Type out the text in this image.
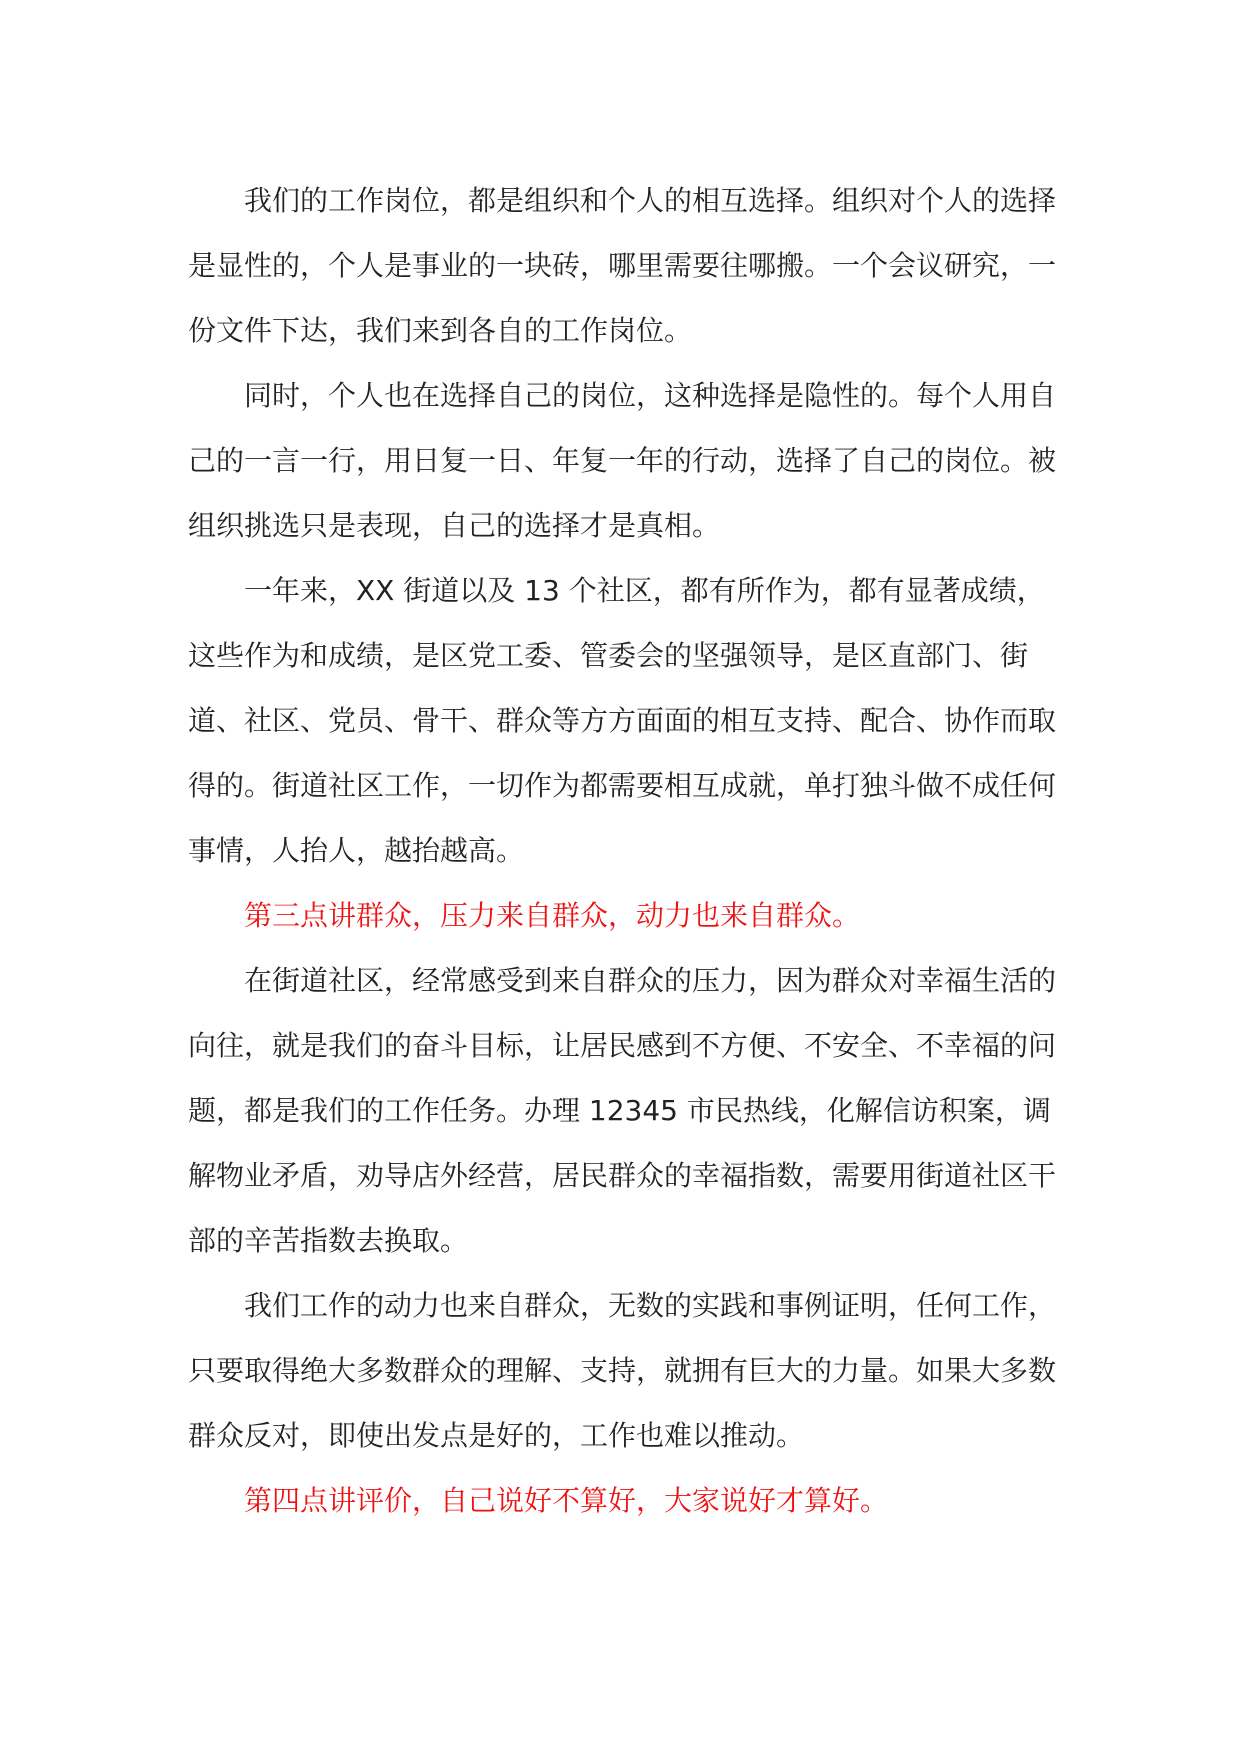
我们的工作岗位，都是组织和个人的相互选择。组织对个人的选择是显性的，个人是事业的一块砖，哪里需要往哪搬。一个会议研究，一份文件下达，我们来到各自的工作岗位。

同时，个人也在选择自己的岗位，这种选择是隐性的。每个人用自己的一言一行，用日复一日、年复一年的行动，选择了自己的岗位。被组织挑选只是表现，自己的选择才是真相。

一年来，XX 街道以及 13 个社区，都有所作为，都有显著成绩，这些作为和成绩，是区党工委、管委会的坚强领导，是区直部门、街道、社区、党员、骨干、群众等方方面面的相互支持、配合、协作而取得的。街道社区工作，一切作为都需要相互成就，单打独斗做不成任何事情，人抬人，越抬越高。

第三点讲群众，压力来自群众，动力也来自群众。

在街道社区，经常感受到来自群众的压力，因为群众对幸福生活的向往，就是我们的奋斗目标，让居民感到不方便、不安全、不幸福的问题，都是我们的工作任务。办理 12345 市民热线，化解信访积案，调解物业矛盾，劝导店外经营，居民群众的幸福指数，需要用街道社区干部的辛苦指数去换取。

我们工作的动力也来自群众，无数的实践和事例证明，任何工作，只要取得绝大多数群众的理解、支持，就拥有巨大的力量。如果大多数群众反对，即使出发点是好的，工作也难以推动。

第四点讲评价，自己说好不算好，大家说好才算好。
